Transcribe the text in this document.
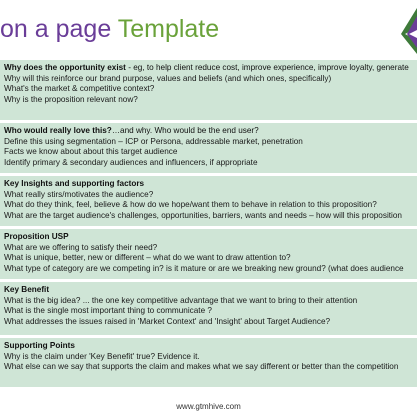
on a page Template
Why does the opportunity exist - eg, to help client reduce cost, improve experience, improve loyalty, generate
Why will this reinforce our brand purpose, values and beliefs (and which ones, specifically)
What's the market & competitive context?
Why is the proposition relevant now?
Who would really love this?…and why. Who would be the end user?
Define this using segmentation – ICP or Persona, addressable market, penetration
Facts we know about about this target audience
Identify primary & secondary audiences and influencers, if appropriate
Key Insights and supporting factors
What really stirs/motivates the audience?
What do they think, feel, believe & how do we hope/want them to behave in relation to this proposition?
What are the target audience's challenges, opportunities, barriers, wants and needs – how will this proposition
Proposition USP
What are we offering to satisfy their need?
What is unique, better, new or different – what do we want to draw attention to?
What type of category are we competing in? is it mature or are we breaking new ground? (what does audience
Key Benefit
What is the big idea? ... the one key competitive advantage that we want to bring to their attention
What is the single most important thing to communicate ?
What addresses the issues raised in 'Market Context' and 'Insight' about Target Audience?
Supporting Points
Why is the claim under 'Key Benefit' true? Evidence it.
What else can we say that supports the claim and makes what we say different or better than the competition
www.gtmhive.com
